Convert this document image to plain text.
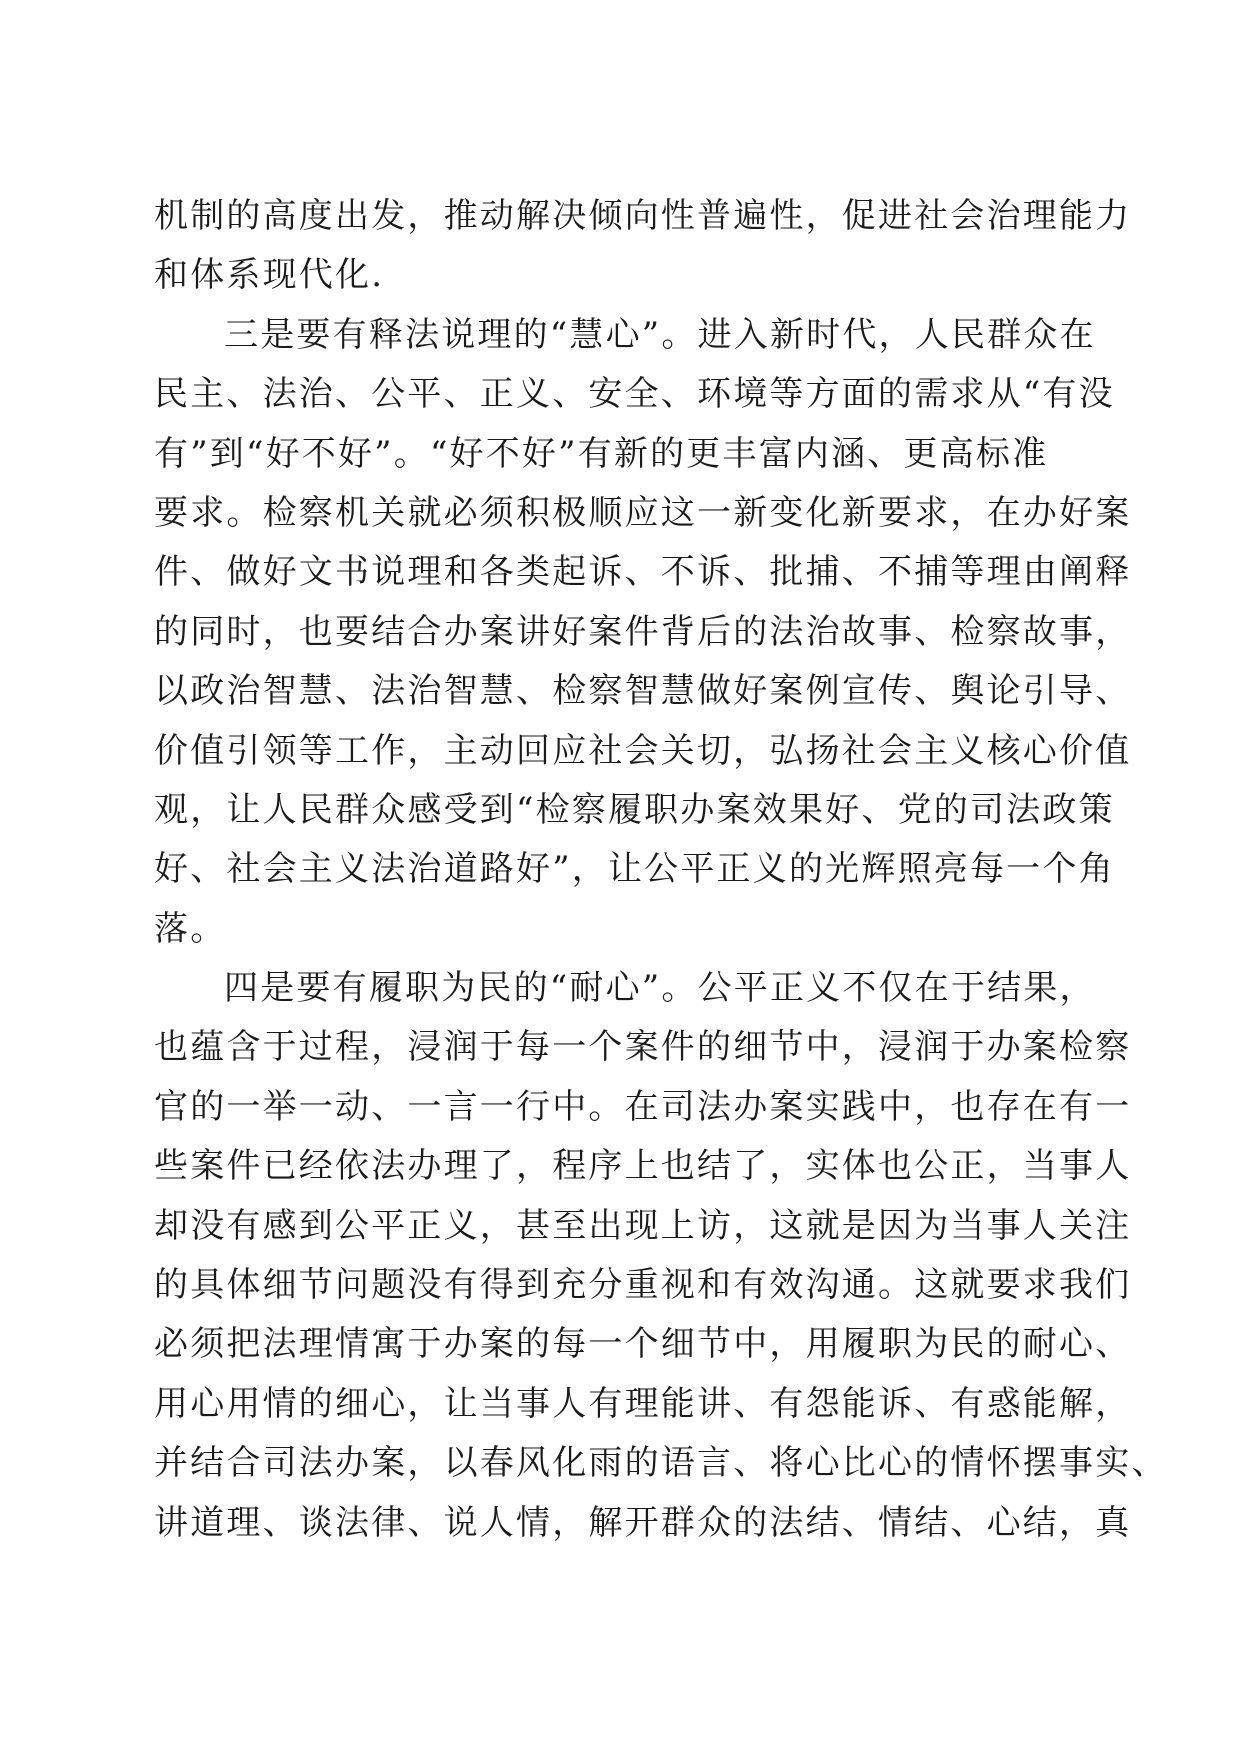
机制的高度出发，推动解决倾向性普遍性，促进社会治理能力
和体系现代化.
三是要有释法说理的“慧心”。进入新时代，人民群众在
民主、法治、公平、正义、安全、环境等方面的需求从“有没
有”到“好不好”。“好不好”有新的更丰富内涵、更高标准
要求。检察机关就必须积极顺应这一新变化新要求，在办好案
件、做好文书说理和各类起诉、不诉、批捕、不捕等理由阐释
的同时，也要结合办案讲好案件背后的法治故事、检察故事，
以政治智慧、法治智慧、检察智慧做好案例宣传、舆论引导、
价值引领等工作，主动回应社会关切，弘扬社会主义核心价值
观，让人民群众感受到“检察履职办案效果好、党的司法政策
好、社会主义法治道路好”，让公平正义的光辉照亮每一个角
落。
四是要有履职为民的“耐心”。公平正义不仅在于结果，
也蕴含于过程，浸润于每一个案件的细节中，浸润于办案检察
官的一举一动、一言一行中。在司法办案实践中，也存在有一
些案件已经依法办理了，程序上也结了，实体也公正，当事人
却没有感到公平正义，甚至出现上访，这就是因为当事人关注
的具体细节问题没有得到充分重视和有效沟通。这就要求我们
必须把法理情寓于办案的每一个细节中，用履职为民的耐心、
用心用情的细心，让当事人有理能讲、有怨能诉、有惑能解，
并结合司法办案，以春风化雨的语言、将心比心的情怀摆事实、
讲道理、谈法律、说人情，解开群众的法结、情结、心结，真
